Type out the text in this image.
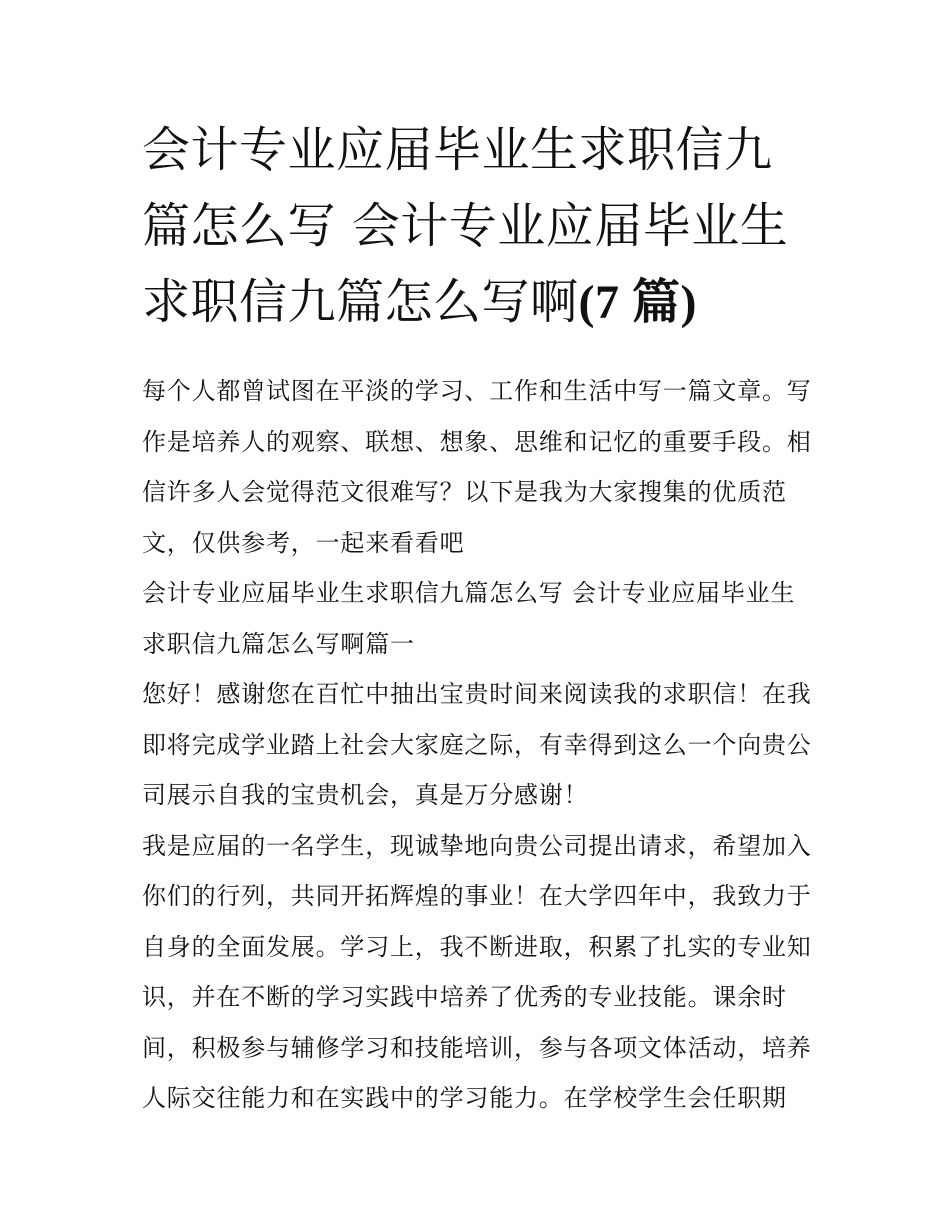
会计专业应届毕业生求职信九篇怎么写 会计专业应届毕业生求职信九篇怎么写啊(7 篇)

每个人都曾试图在平淡的学习、工作和生活中写一篇文章。写作是培养人的观察、联想、想象、思维和记忆的重要手段。相信许多人会觉得范文很难写？以下是我为大家搜集的优质范文，仅供参考，一起来看看吧

会计专业应届毕业生求职信九篇怎么写 会计专业应届毕业生求职信九篇怎么写啊篇一

您好！感谢您在百忙中抽出宝贵时间来阅读我的求职信！在我即将完成学业踏上社会大家庭之际，有幸得到这么一个向贵公司展示自我的宝贵机会，真是万分感谢！

我是应届的一名学生，现诚挚地向贵公司提出请求，希望加入你们的行列，共同开拓辉煌的事业！在大学四年中，我致力于自身的全面发展。学习上，我不断进取，积累了扎实的专业知识，并在不断的学习实践中培养了优秀的专业技能。课余时间，积极参与辅修学习和技能培训，参与各项文体活动，培养人际交往能力和在实践中的学习能力。在学校学生会任职期
